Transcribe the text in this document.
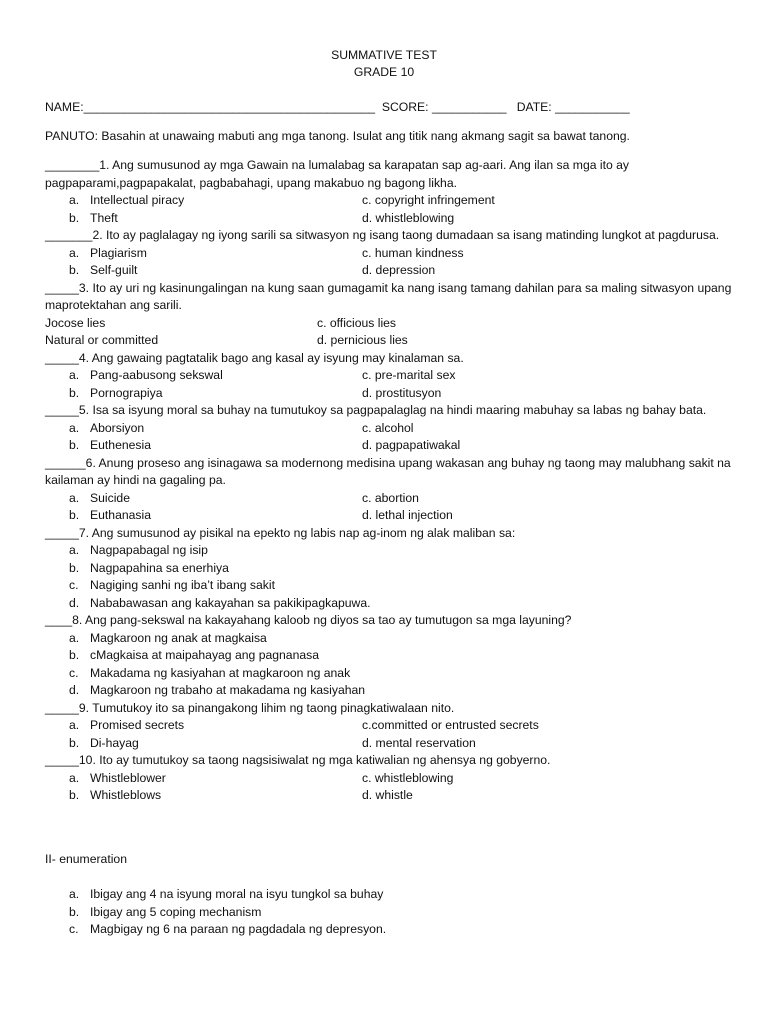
SUMMATIVE TEST
GRADE 10
NAME:___________________________________________ SCORE: ___________ DATE: ___________
PANUTO: Basahin at unawaing mabuti ang mga tanong. Isulat ang titik nang akmang sagit sa bawat tanong.
________1. Ang sumusunod ay mga Gawain na lumalabag sa karapatan sap ag-aari. Ang ilan sa mga ito ay pagpaparami,pagpapakalat, pagbabahagi, upang makabuo ng bagong likha.
a. Intellectual piracy	c. copyright infringement
b. Theft	d. whistleblowing
_______2. Ito ay paglalagay ng iyong sarili sa sitwasyon ng isang taong dumadaan sa isang matinding lungkot at pagdurusa.
a. Plagiarism	c. human kindness
b. Self-guilt	d. depression
_____3. Ito ay uri ng kasinungalingan na kung saan gumagamit ka nang isang tamang dahilan para sa maling sitwasyon upang maprotektahan ang sarili.
Jocose lies	c. officious lies
Natural or committed	d. pernicious lies
_____4. Ang gawaing pagtatalik bago ang kasal ay isyung may kinalaman sa.
a. Pang-aabusong sekswal	c. pre-marital sex
b. Pornograpiya	d. prostitusyon
_____5. Isa sa isyung moral sa buhay na tumutukoy sa pagpapalaglag na hindi maaring mabuhay sa labas ng bahay bata.
a. Aborsiyon	c. alcohol
b. Euthenesia	d. pagpapatiwakal
______6. Anung proseso ang isinagawa sa modernong medisina upang wakasan ang buhay ng taong may malubhang sakit na kailaman ay hindi na gagaling pa.
a. Suicide	c. abortion
b. Euthanasia	d. lethal injection
_____7. Ang sumusunod ay pisikal na epekto ng labis nap ag-inom ng alak maliban sa:
a. Nagpapabagal ng isip
b. Nagpapahina sa enerhiya
c. Nagiging sanhi ng iba’t ibang sakit
d. Nababawasan ang kakayahan sa pakikipagkapuwa.
____8. Ang pang-sekswal na kakayahang kaloob ng diyos sa tao ay tumutugon sa mga layuning?
a. Magkaroon ng anak at magkaisa
b. cMagkaisa at maipahayag ang pagnanasa
c. Makadama ng kasiyahan at magkaroon ng anak
d. Magkaroon ng trabaho at makadama ng kasiyahan
_____9. Tumutukoy ito sa pinangakong lihim ng taong pinagkatiwalaan nito.
a. Promised secrets	c.committed or entrusted secrets
b. Di-hayag	d. mental reservation
_____10. Ito ay tumutukoy sa taong nagsisiwalat ng mga katiwalian ng ahensya ng gobyerno.
a. Whistleblower	c. whistleblowing
b. Whistleblows	d. whistle
II- enumeration
a. Ibigay ang 4 na isyung moral na isyu tungkol sa buhay
b. Ibigay ang 5 coping mechanism
c. Magbigay ng 6 na paraan ng pagdadala ng depresyon.
